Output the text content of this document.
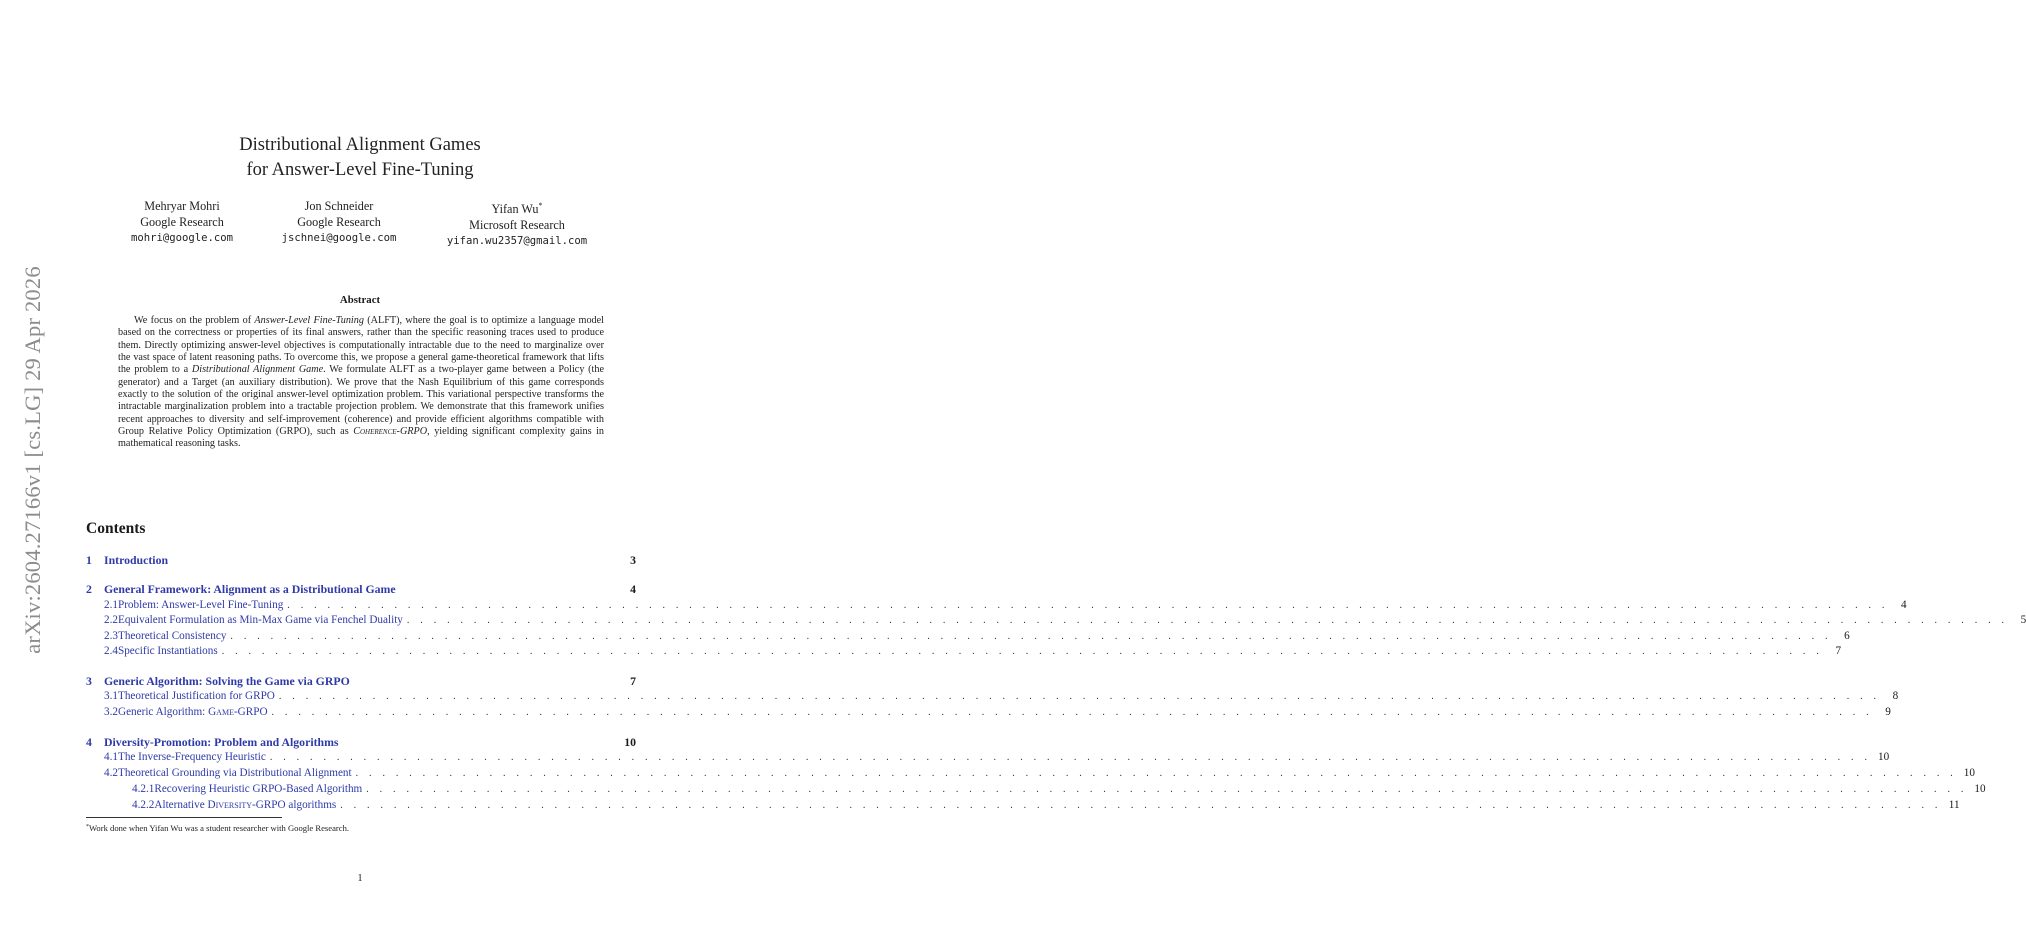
arXiv:2604.27166v1 [cs.LG] 29 Apr 2026
Distributional Alignment Games
for Answer-Level Fine-Tuning
Mehryar Mohri
Google Research
mohri@google.com
Jon Schneider
Google Research
jschnei@google.com
Yifan Wu*
Microsoft Research
yifan.wu2357@gmail.com
Abstract

We focus on the problem of Answer-Level Fine-Tuning (ALFT), where the goal is to optimize a language model based on the correctness or properties of its final answers, rather than the specific reasoning traces used to produce them. Directly optimizing answer-level objectives is computationally intractable due to the need to marginalize over the vast space of latent reasoning paths. To overcome this, we propose a general game-theoretical framework that lifts the problem to a Distributional Alignment Game. We formulate ALFT as a two-player game between a Policy (the generator) and a Target (an auxiliary distribution). We prove that the Nash Equilibrium of this game corresponds exactly to the solution of the original answer-level optimization problem. This variational perspective transforms the intractable marginalization problem into a tractable projection problem. We demonstrate that this framework unifies recent approaches to diversity and self-improvement (coherence) and provide efficient algorithms compatible with Group Relative Policy Optimization (GRPO), such as Coherence-GRPO, yielding significant complexity gains in mathematical reasoning tasks.

Contents
1	Introduction	3
2	General Framework: Alignment as a Distributional Game	4
2.1 Problem: Answer-Level Fine-Tuning . . . . . . . . . . . . . . . . . . . . . . . . . . . . . . . . . . . . . . . . . . . . . . . . . . . . . . . . . . . . . . . . . . . . . . . . . . . . . . . . . . . . . . . . . . . . . . . . . . . . . . . . . . . . . . . . . . . . . . . .	4
2.2 Equivalent Formulation as Min-Max Game via Fenchel Duality . . . . . . . . . . . . . . . . . . . . . . . . . . . . . . . . . . . . . . . . . . . . . . . . . . . . . . . . . . . . . . . . . . . . . . . . . . . . . . . . . . . . . . . . . . . . . . . . . . . . . . . . . . . . . . . . . . . . . . . .	5
2.3 Theoretical Consistency . . . . . . . . . . . . . . . . . . . . . . . . . . . . . . . . . . . . . . . . . . . . . . . . . . . . . . . . . . . . . . . . . . . . . . . . . . . . . . . . . . . . . . . . . . . . . . . . . . . . . . . . . . . . . . . . . . . . . . . .	6
2.4 Specific Instantiations . . . . . . . . . . . . . . . . . . . . . . . . . . . . . . . . . . . . . . . . . . . . . . . . . . . . . . . . . . . . . . . . . . . . . . . . . . . . . . . . . . . . . . . . . . . . . . . . . . . . . . . . . . . . . . . . . . . . . . . .	7
3	Generic Algorithm: Solving the Game via GRPO	7
3.1 Theoretical Justification for GRPO . . . . . . . . . . . . . . . . . . . . . . . . . . . . . . . . . . . . . . . . . . . . . . . . . . . . . . . . . . . . . . . . . . . . . . . . . . . . . . . . . . . . . . . . . . . . . . . . . . . . . . . . . . . . . . . . . . . . . . . .	8
3.2 Generic Algorithm: Game-GRPO . . . . . . . . . . . . . . . . . . . . . . . . . . . . . . . . . . . . . . . . . . . . . . . . . . . . . . . . . . . . . . . . . . . . . . . . . . . . . . . . . . . . . . . . . . . . . . . . . . . . . . . . . . . . . . . . . . . . . . . .	9
4	Diversity-Promotion: Problem and Algorithms	10
4.1 The Inverse-Frequency Heuristic . . . . . . . . . . . . . . . . . . . . . . . . . . . . . . . . . . . . . . . . . . . . . . . . . . . . . . . . . . . . . . . . . . . . . . . . . . . . . . . . . . . . . . . . . . . . . . . . . . . . . . . . . . . . . . . . . . . . . . . . 10
4.2 Theoretical Grounding via Distributional Alignment . . . . . . . . . . . . . . . . . . . . . . . . . . . . . . . . . . . . . . . . . . . . . . . . . . . . . . . . . . . . . . . . . . . . . . . . . . . . . . . . . . . . . . . . . . . . . . . . . . . . . . . . . . . . . . . . . . . . . . . . 10
4.2.1 Recovering Heuristic GRPO-Based Algorithm . . . . . . . . . . . . . . . . . . . . . . . . . . . . . . . . . . . . . . . . . . . . . . . . . . . . . . . . . . . . . . . . . . . . . . . . . . . . . . . . . . . . . . . . . . . . . . . . . . . . . . . . . . . . . . . . . . . . . . . . 10
4.2.2 Alternative Diversity-GRPO algorithms . . . . . . . . . . . . . . . . . . . . . . . . . . . . . . . . . . . . . . . . . . . . . . . . . . . . . . . . . . . . . . . . . . . . . . . . . . . . . . . . . . . . . . . . . . . . . . . . . . . . . . . . . . . . . . . . . . . . . . . . 11
*Work done when Yifan Wu was a student researcher with Google Research.
1
